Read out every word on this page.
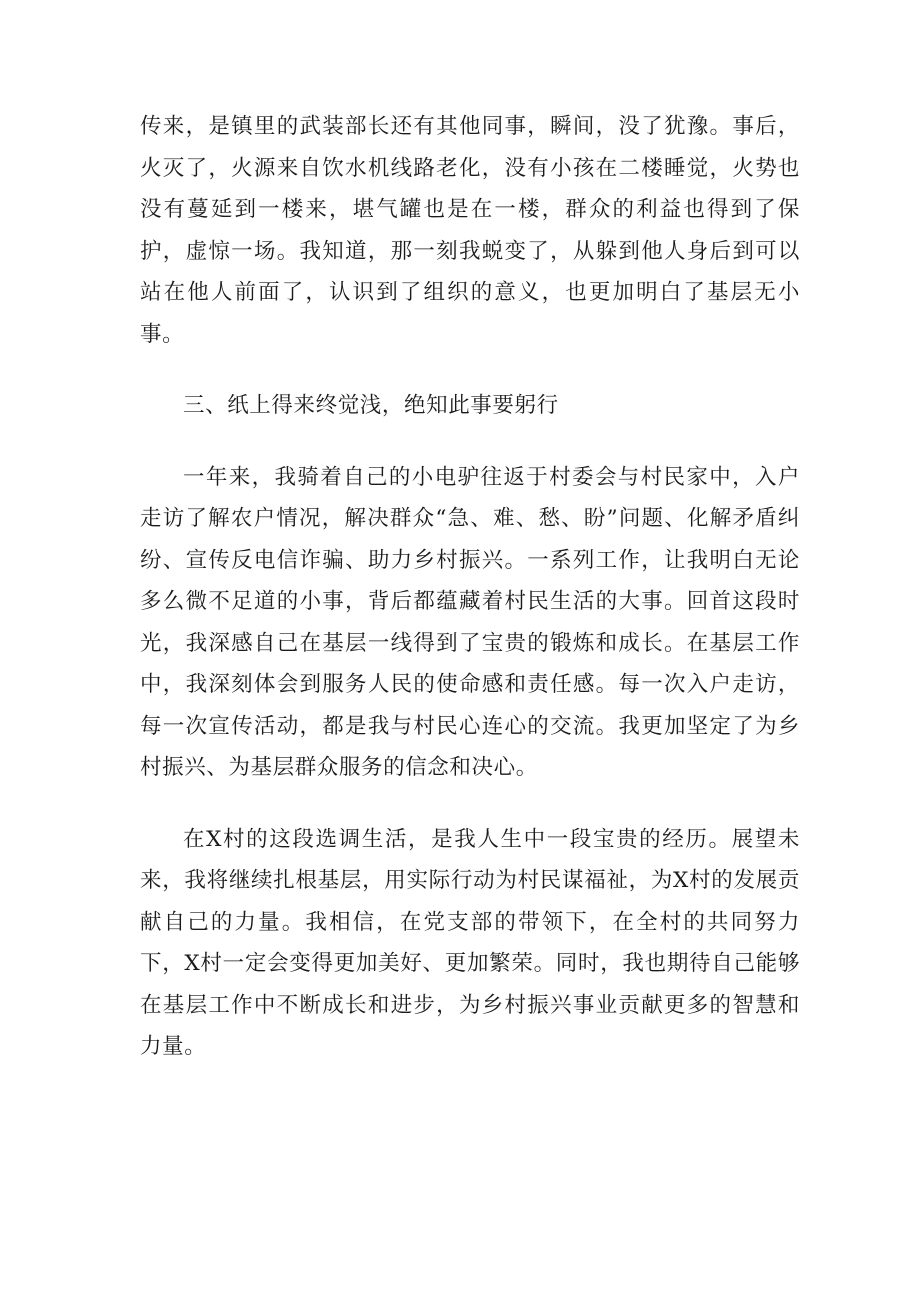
传来，是镇里的武装部长还有其他同事，瞬间，没了犹豫。事后，火灭了，火源来自饮水机线路老化，没有小孩在二楼睡觉，火势也没有蔓延到一楼来，堪气罐也是在一楼，群众的利益也得到了保护，虚惊一场。我知道，那一刻我蜕变了，从躲到他人身后到可以站在他人前面了，认识到了组织的意义，也更加明白了基层无小事。

三、纸上得来终觉浅，绝知此事要躬行

一年来，我骑着自己的小电驴往返于村委会与村民家中，入户走访了解农户情况，解决群众“急、难、愁、盼”问题、化解矛盾纠纷、宣传反电信诈骗、助力乡村振兴。一系列工作，让我明白无论多么微不足道的小事，背后都蕴藏着村民生活的大事。回首这段时光，我深感自己在基层一线得到了宝贵的锻炼和成长。在基层工作中，我深刻体会到服务人民的使命感和责任感。每一次入户走访，每一次宣传活动，都是我与村民心连心的交流。我更加坚定了为乡村振兴、为基层群众服务的信念和决心。

在X村的这段选调生活，是我人生中一段宝贵的经历。展望未来，我将继续扎根基层，用实际行动为村民谋福祉，为X村的发展贡献自己的力量。我相信，在党支部的带领下，在全村的共同努力下，X村一定会变得更加美好、更加繁荣。同时，我也期待自己能够在基层工作中不断成长和进步，为乡村振兴事业贡献更多的智慧和力量。
